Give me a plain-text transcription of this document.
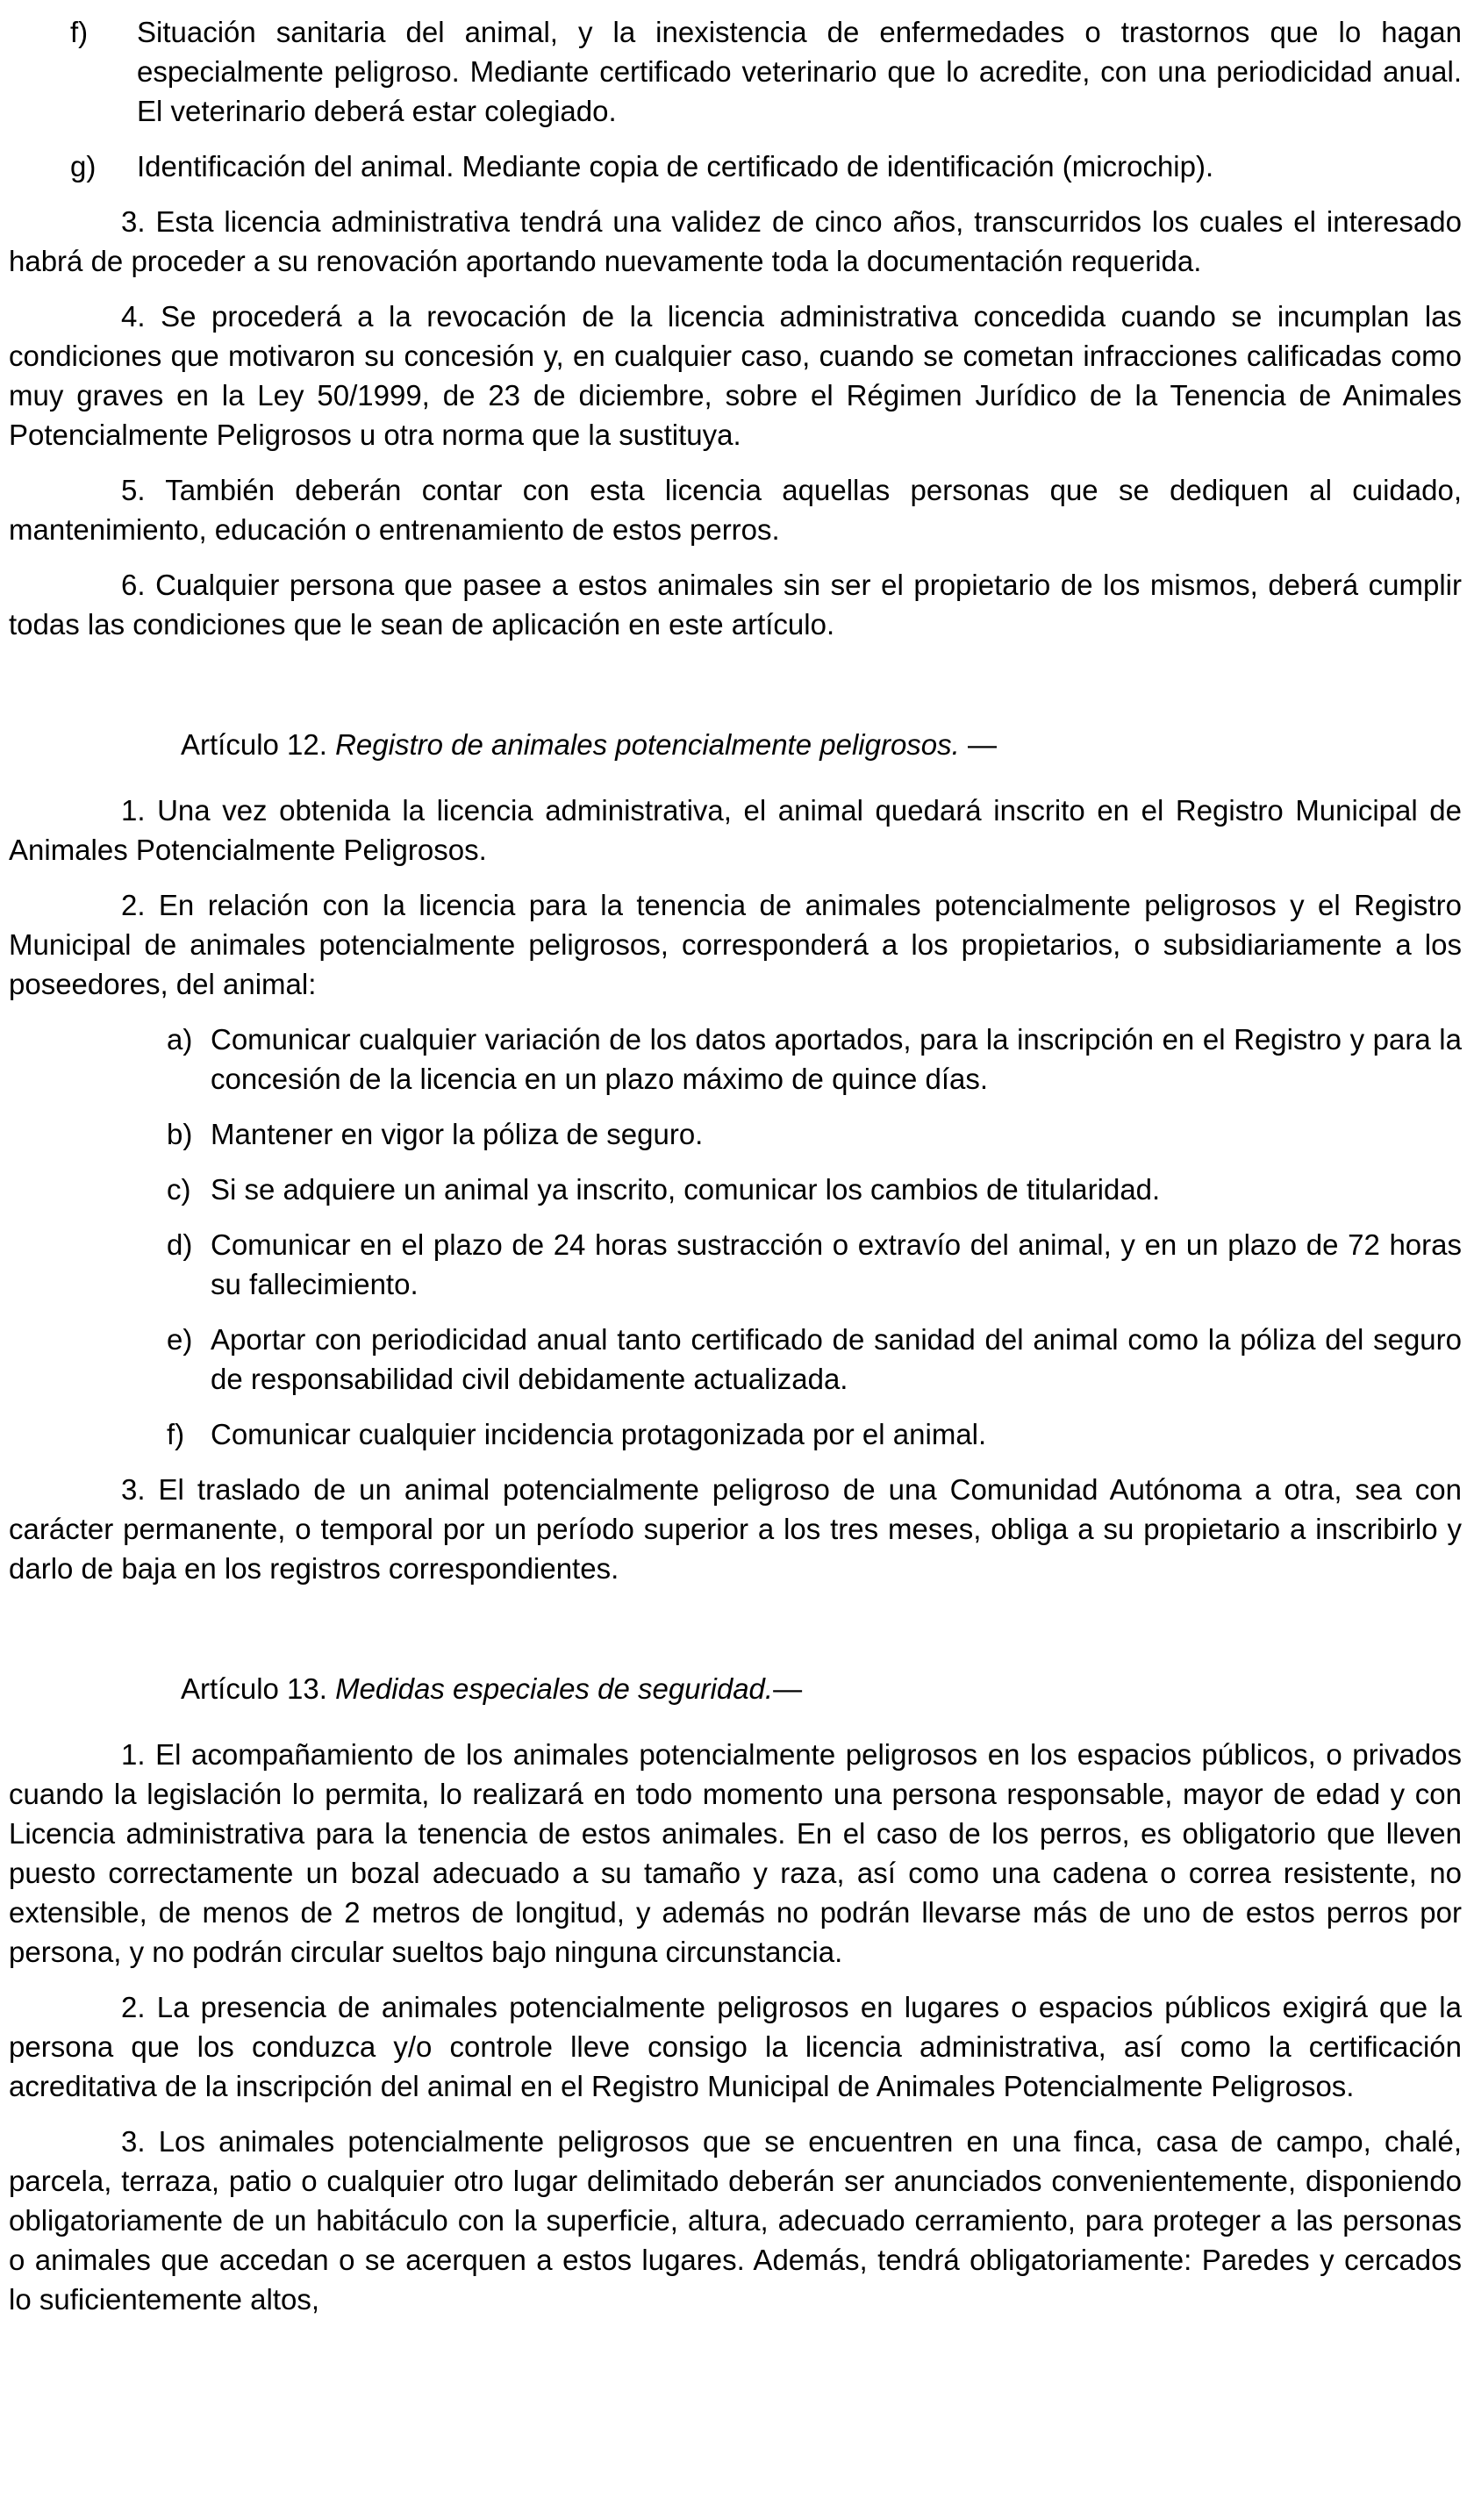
f)	Situación sanitaria del animal, y la inexistencia de enfermedades o trastornos que lo hagan especialmente peligroso. Mediante certificado veterinario que lo acredite, con una periodicidad anual. El veterinario deberá estar colegiado.
g)	Identificación del animal. Mediante copia de certificado de identificación (microchip).

3. Esta licencia administrativa tendrá una validez de cinco años, transcurridos los cuales el interesado habrá de proceder a su renovación aportando nuevamente toda la documentación requerida.

4. Se procederá a la revocación de la licencia administrativa concedida cuando se incumplan las condiciones que motivaron su concesión y, en cualquier caso, cuando se cometan infracciones calificadas como muy graves en la Ley 50/1999, de 23 de diciembre, sobre el Régimen Jurídico de la Tenencia de Animales Potencialmente Peligrosos u otra norma que la sustituya.

5. También deberán contar con esta licencia aquellas personas que se dediquen al cuidado, mantenimiento, educación o entrenamiento de estos perros.

6. Cualquier persona que pasee a estos animales sin ser el propietario de los mismos, deberá cumplir todas las condiciones que le sean de aplicación en este artículo.

Artículo 12. Registro de animales potencialmente peligrosos. —

1. Una vez obtenida la licencia administrativa, el animal quedará inscrito en el Registro Municipal de Animales Potencialmente Peligrosos.

2. En relación con la licencia para la tenencia de animales potencialmente peligrosos y el Registro Municipal de animales potencialmente peligrosos, corresponderá a los propietarios, o subsidiariamente a los poseedores, del animal:

a) Comunicar cualquier variación de los datos aportados, para la inscripción en el Registro y para la concesión de la licencia en un plazo máximo de quince días.
b) Mantener en vigor la póliza de seguro.
c) Si se adquiere un animal ya inscrito, comunicar los cambios de titularidad.
d) Comunicar en el plazo de 24 horas sustracción o extravío del animal, y en un plazo de 72 horas su fallecimiento.
e) Aportar con periodicidad anual tanto certificado de sanidad del animal como la póliza del seguro de responsabilidad civil debidamente actualizada.
f) Comunicar cualquier incidencia protagonizada por el animal.

3. El traslado de un animal potencialmente peligroso de una Comunidad Autónoma a otra, sea con carácter permanente, o temporal por un período superior a los tres meses, obliga a su propietario a inscribirlo y darlo de baja en los registros correspondientes.

Artículo 13. Medidas especiales de seguridad.—

1. El acompañamiento de los animales potencialmente peligrosos en los espacios públicos, o privados cuando la legislación lo permita, lo realizará en todo momento una persona responsable, mayor de edad y con Licencia administrativa para la tenencia de estos animales. En el caso de los perros, es obligatorio que lleven puesto correctamente un bozal adecuado a su tamaño y raza, así como una cadena o correa resistente, no extensible, de menos de 2 metros de longitud, y además no podrán llevarse más de uno de estos perros por persona, y no podrán circular sueltos bajo ninguna circunstancia.

2. La presencia de animales potencialmente peligrosos en lugares o espacios públicos exigirá que la persona que los conduzca y/o controle lleve consigo la licencia administrativa, así como la certificación acreditativa de la inscripción del animal en el Registro Municipal de Animales Potencialmente Peligrosos.

3. Los animales potencialmente peligrosos que se encuentren en una finca, casa de campo, chalé, parcela, terraza, patio o cualquier otro lugar delimitado deberán ser anunciados convenientemente, disponiendo obligatoriamente de un habitáculo con la superficie, altura, adecuado cerramiento, para proteger a las personas o animales que accedan o se acerquen a estos lugares. Además, tendrá obligatoriamente: Paredes y cercados lo suficientemente altos,
